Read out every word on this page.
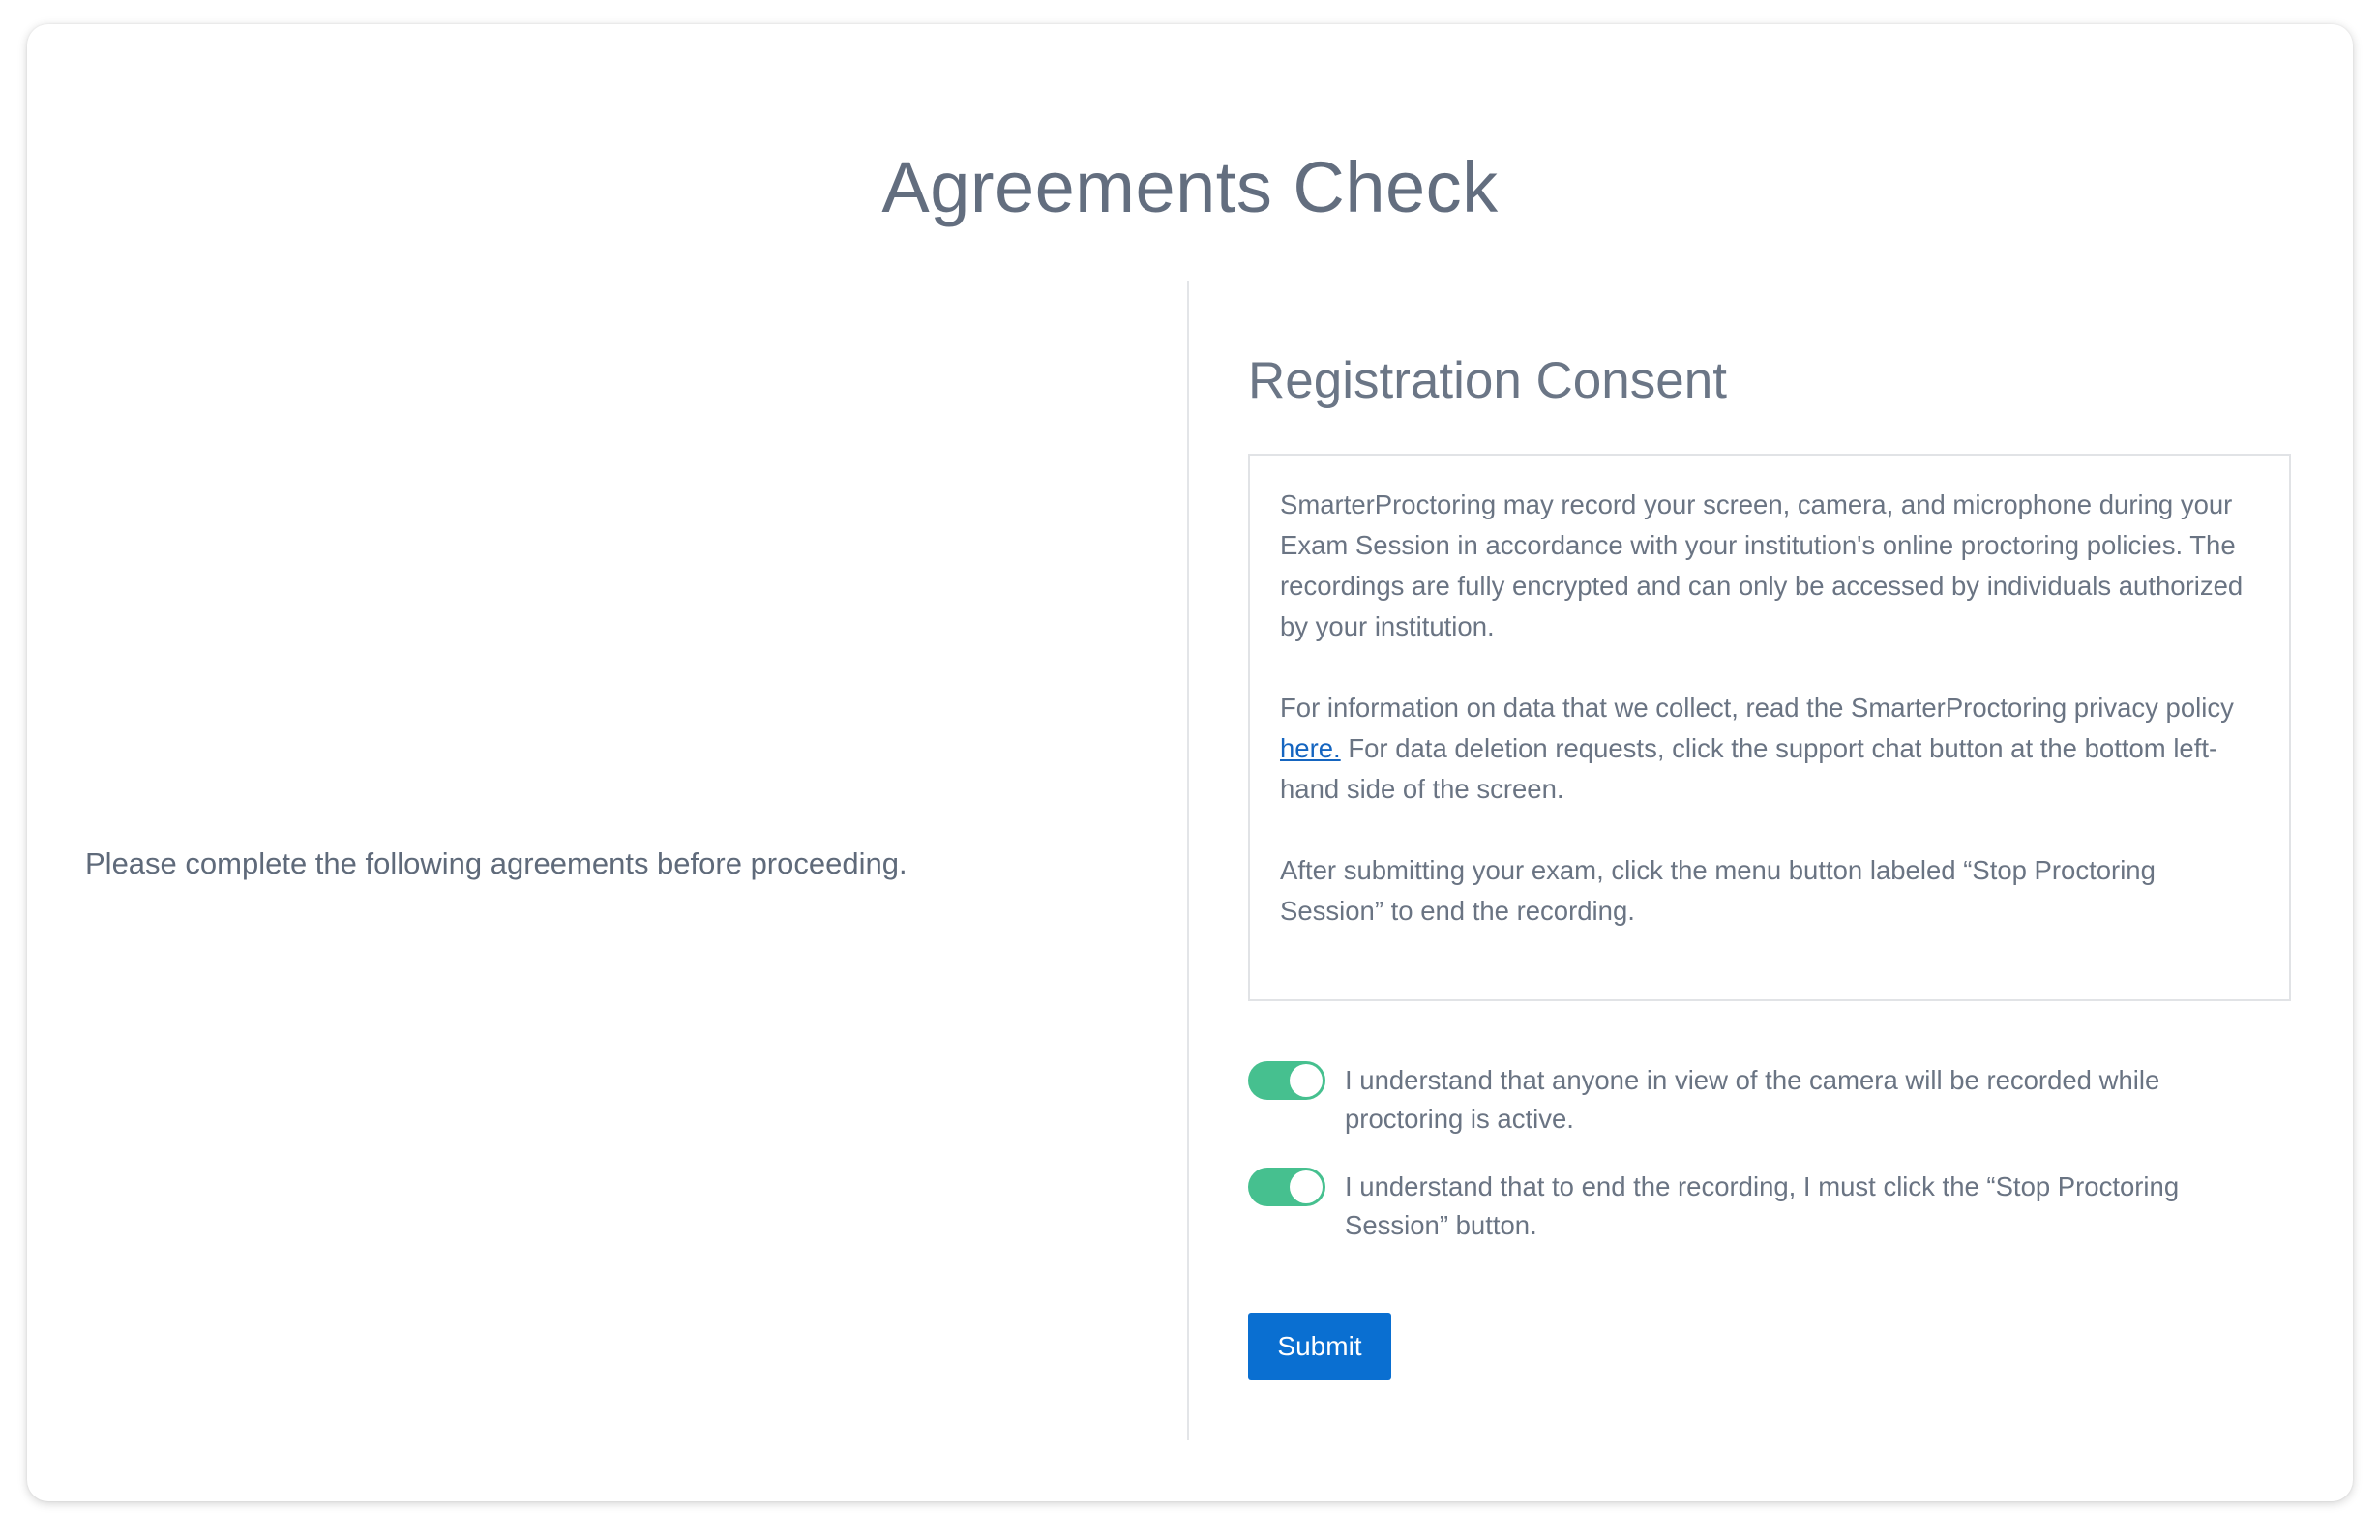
Agreements Check
Please complete the following agreements before proceeding.
Registration Consent

SmarterProctoring may record your screen, camera, and microphone during your Exam Session in accordance with your institution's online proctoring policies. The recordings are fully encrypted and can only be accessed by individuals authorized by your institution.

For information on data that we collect, read the SmarterProctoring privacy policy here. For data deletion requests, click the support chat button at the bottom left-hand side of the screen.

After submitting your exam, click the menu button labeled “Stop Proctoring Session” to end the recording.

I understand that anyone in view of the camera will be recorded while proctoring is active.
I understand that to end the recording, I must click the “Stop Proctoring Session” button.
Submit
